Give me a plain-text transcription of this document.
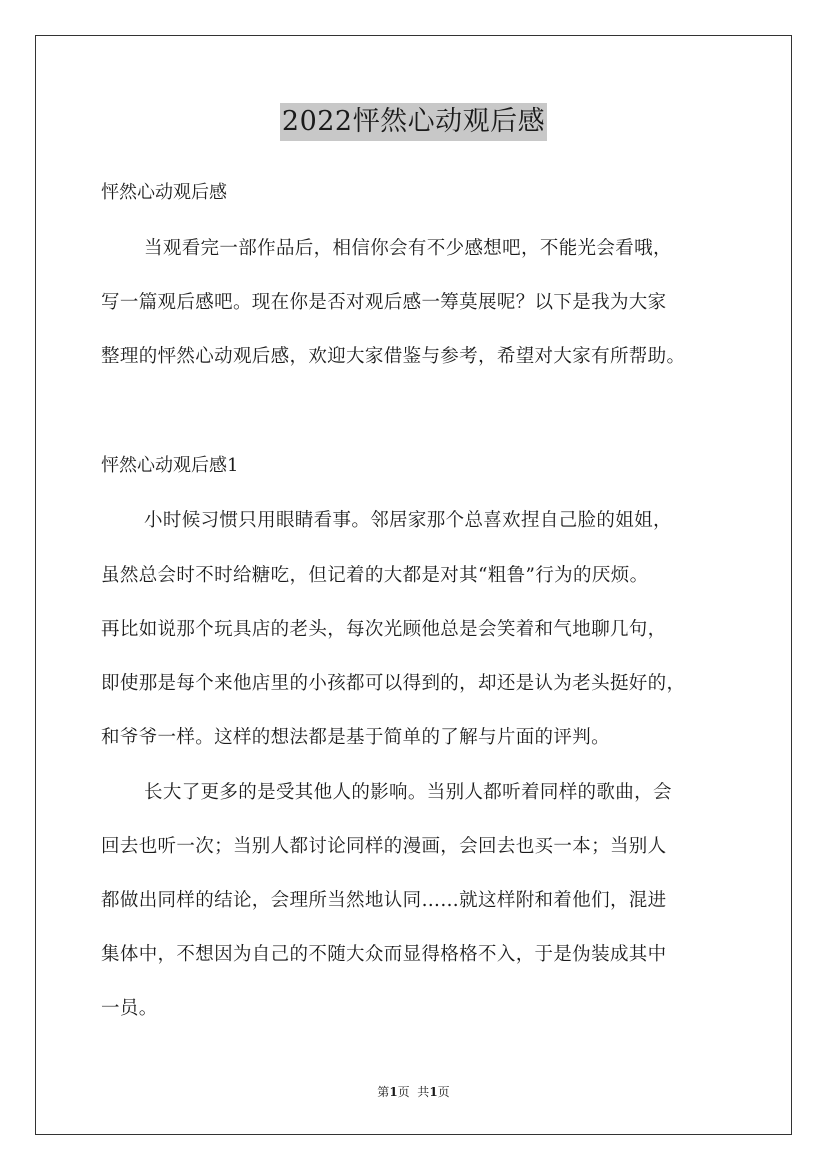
2022怦然心动观后感
怦然心动观后感
当观看完一部作品后，相信你会有不少感想吧，不能光会看哦，
写一篇观后感吧。现在你是否对观后感一筹莫展呢？以下是我为大家
整理的怦然心动观后感，欢迎大家借鉴与参考，希望对大家有所帮助。
怦然心动观后感1
小时候习惯只用眼睛看事。邻居家那个总喜欢捏自己脸的姐姐，
虽然总会时不时给糖吃，但记着的大都是对其“粗鲁”行为的厌烦。
再比如说那个玩具店的老头，每次光顾他总是会笑着和气地聊几句，
即使那是每个来他店里的小孩都可以得到的，却还是认为老头挺好的，
和爷爷一样。这样的想法都是基于简单的了解与片面的评判。
长大了更多的是受其他人的影响。当别人都听着同样的歌曲，会
回去也听一次；当别人都讨论同样的漫画，会回去也买一本；当别人
都做出同样的结论，会理所当然地认同……就这样附和着他们，混进
集体中，不想因为自己的不随大众而显得格格不入，于是伪装成其中
一员。
第1页  共1页
